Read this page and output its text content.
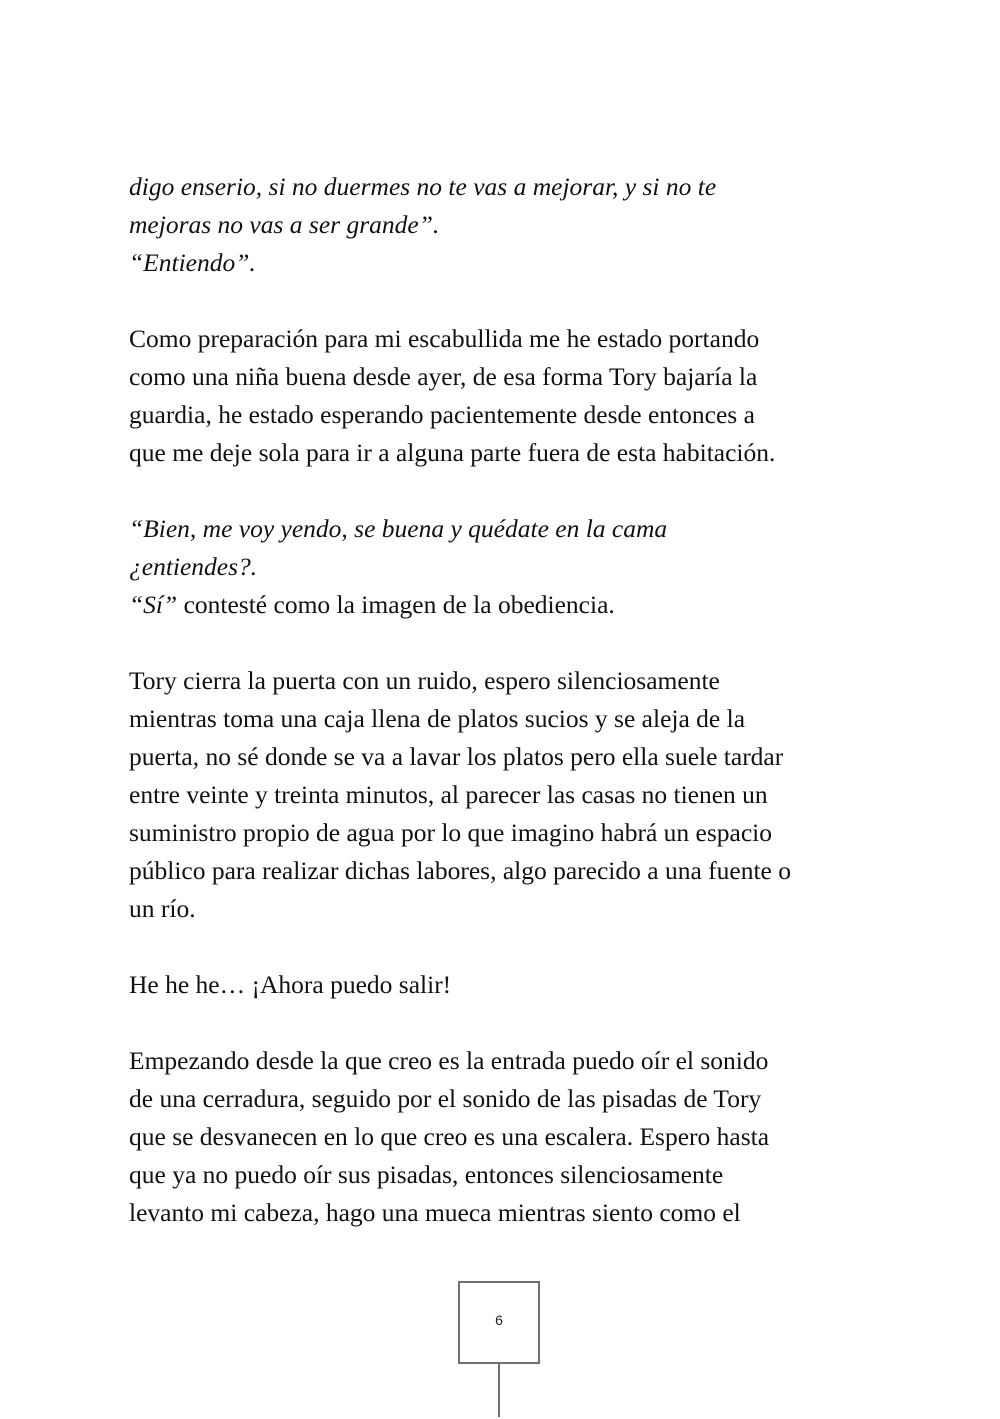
digo enserio, si no duermes no te vas a mejorar, y si no te
mejoras no vas a ser grande”.
“Entiendo”.
Como preparación para mi escabullida me he estado portando
como una niña buena desde ayer, de esa forma Tory bajaría la
guardia, he estado esperando pacientemente desde entonces a
que me deje sola para ir a alguna parte fuera de esta habitación.
“Bien, me voy yendo, se buena y quédate en la cama
¿entiendes?.
“Sí” contesté como la imagen de la obediencia.
Tory cierra la puerta con un ruido, espero silenciosamente
mientras toma una caja llena de platos sucios y se aleja de la
puerta, no sé donde se va a lavar los platos pero ella suele tardar
entre veinte y treinta minutos, al parecer las casas no tienen un
suministro propio de agua por lo que imagino habrá un espacio
público para realizar dichas labores, algo parecido a una fuente o
un río.
He he he… ¡Ahora puedo salir!
Empezando desde la que creo es la entrada puedo oír el sonido
de una cerradura, seguido por el sonido de las pisadas de Tory
que se desvanecen en lo que creo es una escalera. Espero hasta
que ya no puedo oír sus pisadas, entonces silenciosamente
levanto mi cabeza, hago una mueca mientras siento como el
6
